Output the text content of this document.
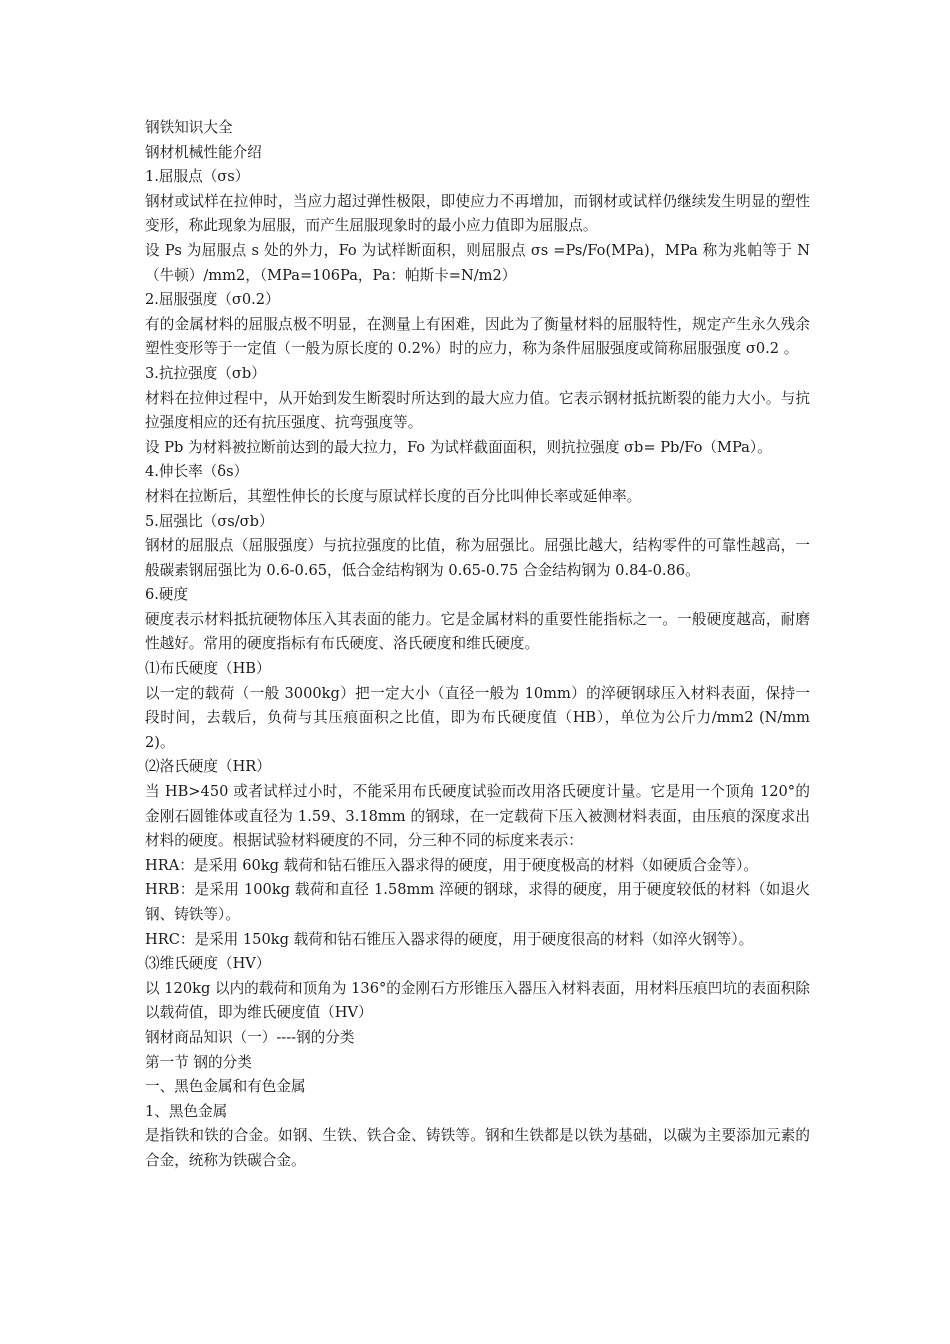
钢铁知识大全

钢材机械性能介绍

1.屈服点（σs）

钢材或试样在拉伸时，当应力超过弹性极限，即使应力不再增加，而钢材或试样仍继续发生明显的塑性变形，称此现象为屈服，而产生屈服现象时的最小应力值即为屈服点。

设 Ps 为屈服点 s 处的外力，Fo 为试样断面积，则屈服点 σs =Ps/Fo(MPa)，MPa 称为兆帕等于 N（牛顿）/mm2，（MPa=106Pa，Pa：帕斯卡=N/m2）

2.屈服强度（σ0.2）

有的金属材料的屈服点极不明显，在测量上有困难，因此为了衡量材料的屈服特性，规定产生永久残余塑性变形等于一定值（一般为原长度的 0.2%）时的应力，称为条件屈服强度或简称屈服强度 σ0.2 。

3.抗拉强度（σb）

材料在拉伸过程中，从开始到发生断裂时所达到的最大应力值。它表示钢材抵抗断裂的能力大小。与抗拉强度相应的还有抗压强度、抗弯强度等。

设 Pb 为材料被拉断前达到的最大拉力，Fo 为试样截面面积，则抗拉强度 σb= Pb/Fo（MPa）。

4.伸长率（δs）

材料在拉断后，其塑性伸长的长度与原试样长度的百分比叫伸长率或延伸率。

5.屈强比（σs/σb）

钢材的屈服点（屈服强度）与抗拉强度的比值，称为屈强比。屈强比越大，结构零件的可靠性越高，一般碳素钢屈强比为 0.6-0.65，低合金结构钢为 0.65-0.75 合金结构钢为 0.84-0.86。

6.硬度

硬度表示材料抵抗硬物体压入其表面的能力。它是金属材料的重要性能指标之一。一般硬度越高，耐磨性越好。常用的硬度指标有布氏硬度、洛氏硬度和维氏硬度。

⑴布氏硬度（HB）

以一定的载荷（一般 3000kg）把一定大小（直径一般为 10mm）的淬硬钢球压入材料表面，保持一段时间，去载后，负荷与其压痕面积之比值，即为布氏硬度值（HB），单位为公斤力/mm2 (N/mm2)。

⑵洛氏硬度（HR）

当 HB>450 或者试样过小时，不能采用布氏硬度试验而改用洛氏硬度计量。它是用一个顶角 120°的金刚石圆锥体或直径为 1.59、3.18mm 的钢球，在一定载荷下压入被测材料表面，由压痕的深度求出材料的硬度。根据试验材料硬度的不同，分三种不同的标度来表示：

HRA：是采用 60kg 载荷和钻石锥压入器求得的硬度，用于硬度极高的材料（如硬质合金等）。

HRB：是采用 100kg 载荷和直径 1.58mm 淬硬的钢球，求得的硬度，用于硬度较低的材料（如退火钢、铸铁等）。

HRC：是采用 150kg 载荷和钻石锥压入器求得的硬度，用于硬度很高的材料（如淬火钢等）。

⑶维氏硬度（HV）

以 120kg 以内的载荷和顶角为 136°的金刚石方形锥压入器压入材料表面，用材料压痕凹坑的表面积除以载荷值，即为维氏硬度值（HV）

钢材商品知识（一）----钢的分类

第一节 钢的分类

一、黑色金属和有色金属

1、黑色金属

是指铁和铁的合金。如钢、生铁、铁合金、铸铁等。钢和生铁都是以铁为基础，以碳为主要添加元素的合金，统称为铁碳合金。
